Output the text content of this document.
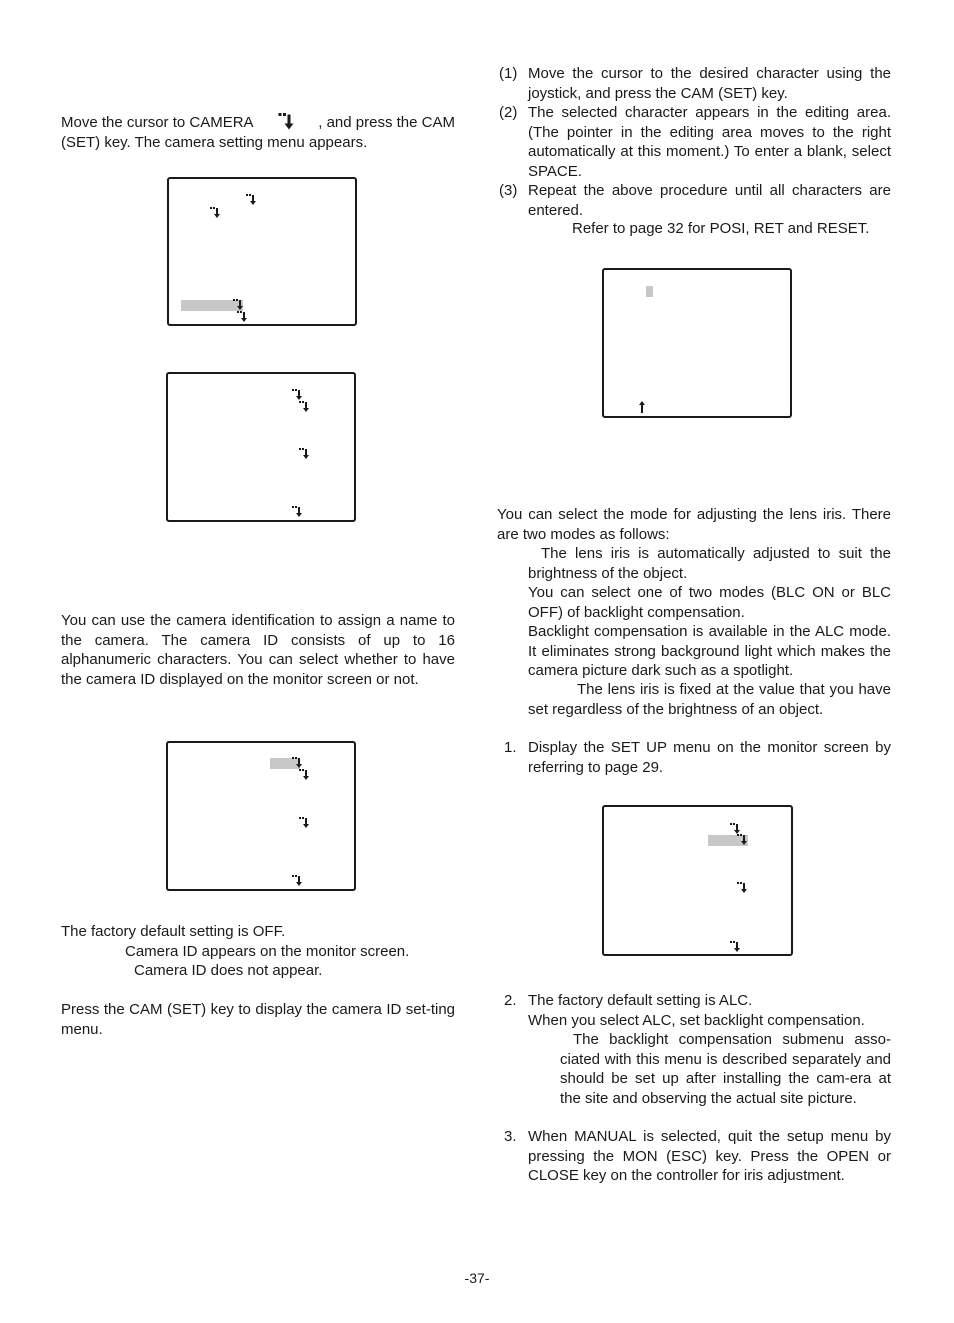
Move the cursor to CAMERA	, and press the CAM
(SET) key. The camera setting menu appears.
You can use the camera identification to assign a name to the camera. The camera ID consists of up to 16 alphanumeric characters. You can select whether to have the camera ID displayed on the monitor screen or not.
The factory default setting is OFF.
Camera ID appears on the monitor screen.
Camera ID does not appear.
Press the CAM (SET) key to display the camera ID set-ting menu.
(1) Move the cursor to the desired character using the joystick, and press the CAM (SET) key.
(2) The selected character appears in the editing area. (The pointer in the editing area moves to the right automatically at this moment.) To enter a blank, select SPACE.
(3) Repeat the above procedure until all characters are entered.
Refer to page 32 for POSI, RET and RESET.
You can select the mode for adjusting the lens iris. There are two modes as follows:
The lens iris is automatically adjusted to suit the brightness of the object.
You can select one of two modes (BLC ON or BLC OFF) of backlight compensation.
Backlight compensation is available in the ALC mode. It eliminates strong background light which makes the camera picture dark such as a spotlight.
The lens iris is fixed at the value that you have set regardless of the brightness of an object.
1. Display the SET UP menu on the monitor screen by referring to page 29.
2. The factory default setting is ALC.
When you select ALC, set backlight compensation.
The backlight compensation submenu asso-ciated with this menu is described separately and should be set up after installing the cam-era at the site and observing the actual site picture.
3. When MANUAL is selected, quit the setup menu by pressing the MON (ESC) key. Press the OPEN or CLOSE key on the controller for iris adjustment.
-37-
